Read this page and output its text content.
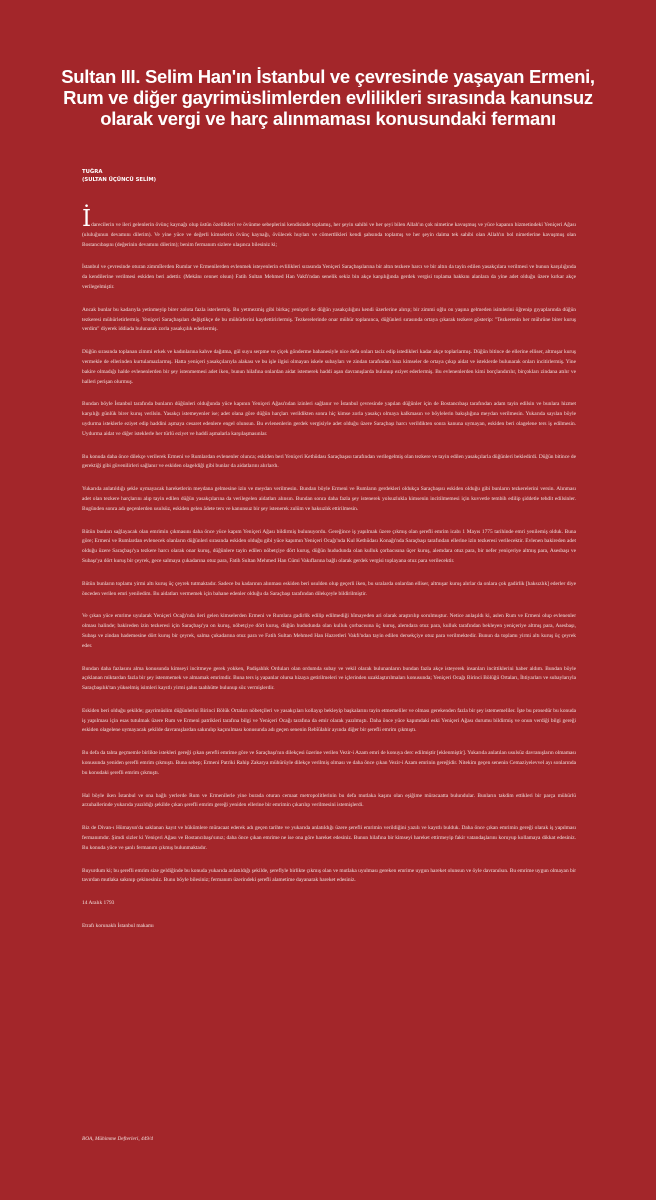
Sultan III. Selim Han'ın İstanbul ve çevresinde yaşayan Ermeni, Rum ve diğer gayrimüslimlerden evlilikleri sırasında kanunsuz olarak vergi ve harç alınmaması konusundaki fermanı
TUĞRA
(SULTAN ÜÇÜNCÜ SELİM)

İdarecilerin ve ileri gelenlerin övünç kaynağı olup üstün özellikleri ve övünme sebeplerini kendisinde toplamış, her şeyin sahibi ve her şeyi bilen Allah'ın çok nimetine kavuşmuş ve yüce kapanın hizmetindeki Yeniçeri Ağası (ululuğunun devamını dilerim). Ve yine yüce ve değerli kimselerin övünç kaynağı, övülecek huyları ve cömertlikleri kendi şahsında toplamış ve her şeyin daima tek sahibi olan Allah'ın bol nimetlerine kavuşmuş olan Bostancıbaşını (değerinin devamını dilerim); benim fermanım sizlere ulaşınca bilesiniz ki;

İstanbul ve çevresinde oturan zimmîlerden Rumlar ve Ermenilerden evlenmek isteyenlerin evlilikleri sırasında Yeniçeri Saraçbaşılarına bir altın tezkere harcı ve bir altın da tayin edilen yasakçılara verilmesi ve bunun karşılığında da kendilerine verilmesi eskiden beri adettir. (Mekânı cennet olsun) Fatih Sultan Mehmed Han Vakfı'ndan senelik sekiz bin akçe karşılığında gerdek vergisi toplama hakkını alanlara da yine adet olduğu üzere kırkar akçe verilegelmiştir.

Ancak bunlar bu kadarıyla yetinmeyip birer zolota fazla isterlermiş. Bu yetmezmiş gibi birkaç yeniçeri de düğün yasakçılığını kendi üzerlerine alırıp; bir zimmi oğlu on yaşına gelmeden isimlerini öğrenip gıyaplarında düğün tezkeresi mühürletirlermiş. Yeniçeri Saraçbaşıları değiştikçe de bu mühürlerini kaydettirirlermiş. Tezkerelerinde onar mühür toplanınca, düğünleri sırasında ortaya çıkarak tezkere gösterip: "Tezkerenin her mührüne birer kuruş verdim" diyerek iddiada bulunarak zorla yasakçılık ederlermiş.

Düğün sırasında toplanan zimmi erkek ve kadınlarına kahve dağıtma, gül suyu serpme ve çiçek gönderme bahanesiyle nice defa onları taciz edip istedikleri kadar akçe toplarlarmış. Düğün bitince de ellerine elliser, altmışar kuruş vermekle de ellerinden kurtulamazlarmış. Hatta yeniçeri yasakçılarıyla alakası ve bu işle ilgisi olmayan iskele subayları ve zindan tarafından bazı kimseler de ortaya çıkıp aidat ve isteklerde bulunarak onları incitirlermiş. Yine bakire olmadığı halde evlenenlerden bir şey istenmemesi adet iken, bunun hilafına onlardan aidat istemerek haddi aşan davranışlarda bulunup eziyet ederlermiş. Bu evlenenlerden kimi borçlandırılır, birçokları zindana atılır ve halleri perişan olurmuş.

Bundan böyle İstanbul tarafında bunların düğünleri olduğunda yüce kapının Yeniçeri Ağası'ndan izinleri sağlanır ve İstanbul çevresinde yapılan düğünler için de Bostancıbaşı tarafından adam tayin edilsin ve bunlara hizmet karşılığı günlük birer kuruş verilsin. Yasakçı istemeyenler ise; adet olana göre düğün harçları verildikten sonra hiç kimse zorla yasakçı olmaya kalkmasın ve böylelerin bakışlığına meydan verilmesin. Yukarıda sayılan böyle uydurma isteklerle eziyet edip haddini aşmaya cesaret edenlere engel olunsun. Bu evlenenlerin gerdek vergisiyle adet olduğu üzere Saraçbaşı harcı verildikten sonra kanuna uymayan, eskiden beri olagelene ters iş edilmesin. Uydurma aidat ve diğer isteklerle her türlü eziyet ve haddi aşmalarla karşılaşmasınlar.

Bu konuda daha önce dilekçe verilerek Ermeni ve Rumlardan evlenenler olunca; eskiden beri Yeniçeri Kethüdası Saraçbaşısı tarafından verilegelmiş olan tezkere ve tayin edilen yasakçılarla düğünleri bekledirdi. Düğün bitince de gerektiği gibi güvenilirleri sağlanır ve eskiden olageldiği gibi bunlar da aidatlarını alırlardı.

Yukarıda anlatıldığı şekle uymayacak hareketlerin meydana gelmesine izin ve meydan verilmesin. Bundan böyle Ermeni ve Rumların gerdekleri oldukça Saraçbaşısı eskiden olduğu gibi bunların tezkerelerini versin. Alınması adet olan tezkere harçlarını alıp tayin edilen düğün yasakçılarına da verilegelen aidatları alınsın. Bundan sonra daha fazla şey istenerek yolsuzlukla kimsenin incitilmemesi için kuvvetle tembih edilip şiddetle tehdit edilsinler. Bugünden sonra adı geçenlerden usulsüz, eskiden gelen âdete ters ve kanunsuz bir şey istenerek zulüm ve haksızlık ettirilmesin.

Bütün bunları sağlayacak olan emrimin çıkmasını daha önce yüce kapım Yeniçeri Ağası bildirmiş bulunuyordu. Gereğince iş yapılmak üzere çıkmış olan şerefli emrim icabı 1 Mayıs 1775 tarihinde emri yenilemiş olduk. Buna göre; Ermeni ve Rumlardan evlenecek olanların düğünleri sırasında eskiden olduğu gibi yüce kapımın Yeniçeri Ocağı'nda Kul Kethüdası Konağı'nda Saraçbaşı tarafından ellerine izin tezkeresi verilecektir. Evlenen bakireden adet olduğu üzere Saraçbaşı'ya tezkere harcı olarak onar kuruş, düğünlere tayin edilen nöbetçiye dört kuruş, düğün hududunda olan kulluk çorbacısına üçer kuruş, alemdara otuz para, bir nefer yeniçeriye altmış para, Asesbaşı ve Subaşı'ya dört kuruş bir çeyrek, gece salmaya çukadarına otuz para, Fatih Sultan Mehmed Han Cümi Vakıflarına bağlı olarak gerdek vergisi toplayana otuz para verilecektir.

Bütün bunların toplamı yirmi altı kuruş üç çeyrek tutmaktadır. Sadece bu kadarının alınması eskiden beri usulden olup geçerli iken, bu sıralarda onlardan elliser, altmışar kuruş alırlar da onlara çok gadirlik [haksızlık] ederler diye önceden verilen emri yeniledim. Bu aidatları vermemek için bahane edenler olduğu da Saraçbaşı tarafından dilekçeyle bildirilmiştir.

Ve çıkan yüce emrime uyularak Yeniçeri Ocağı'nda ileri gelen kimselerden Ermeni ve Rumlara gadirlik edilip edilmediği hîmayeden ari olarak araştırılıp sorulmuştur. Netice anlaşıldı ki, aslen Rum ve Ermeni olup evlenenler olması halinde; bakireden izin tezkeresi için Saraçbaşı'ya on kuruş, nöbetçiye dört kuruş, düğün hududunda olan kulluk çorbacısına üç kuruş, alemdara otuz para, kulluk tarafından bekleyen yeniçeriye altmış para, Asesbaşı, Subaşı ve zindan hademesine dört kuruş bir çeyrek, salma çukadarına otuz para ve Fatih Sultan Mehmed Han Hazretleri Vakfı'ndan tayin edilen dersekçiye otuz para verilmektedir. Bunun da toplamı yirmi altı kuruş üç çeyrek eder.

Bundan daha fazlasını alma konusunda kimseyi incitmeye gerek yokken, Padişahlık Orduları olan ordumda subay ve vekil olarak bulunanların bundan fazla akçe isteyerek insanları incittiklerini haber aldım. Bundan böyle açıklanan miktardan fazla bir şey istenmemek ve almamak emrimdir. Buna ters iş yapanlar olursa hizaya getirilmeleri ve içlerinden uzaklaştırılmaları konusunda; Yeniçeri Ocağı Birinci Bölüğü Ortaları, İhtiyarları ve subaylarıyla Saraçbaşılık'tan yükselmiş isimleri kayıtlı yirmi şahıs taahhütte bulunup söz vermişlerdir.

Eskiden beri olduğu şekilde; gayrimüslim düğünlerini Birinci Bölük Ortaları nöbetçileri ve yasakçıları kollayıp bekleyip başkalarını tayin etmemeliler ve olması gerekenden fazla bir şey istememeliler. İşte bu prosedür bu konuda iş yapılması için esas tutulmak üzere Rum ve Ermeni patrikleri tarafına bilgi ve Yeniçeri Ocağı tarafına da emir olarak yazılmıştı. Daha önce yüce kapımdaki eski Yeniçeri Ağası durumu bildirmiş ve onun verdiği bilgi gereği eskiden olagelene uymayacak şekilde davranışlardan sakınılıp kaçınılması konusunda adı geçen senenin Rebîülahir ayında diğer bir şerefli emrim çıkmıştı.

Bu defa da tahta geçmemle birlikte istekleri gereği çıkan şerefli emrime göre ve Saraçbaşı'nın dilekçesi üzerine verilen Vezir-i Azam emri de konuya derc edilmiştir [eklenmiştir]. Yukarıda anlatılan usulsüz davranışların olmaması konusunda yeniden şerefli emrim çıkmıştı. Buna sebep; Ermeni Patriki Rahip Zakarya mühürüyle dilekçe verilmiş olması ve daha önce çıkan Vezir-i Azam emrinin gereğidir. Nitekim geçen senenin Cemaziyelevvel ayı sonlarında bu konudaki şerefli emrim çıkmıştı.

Hal böyle iken İstanbul ve ona bağlı yerlerde Rum ve Ermenilerle yine burada oturan cemaat metropolitlerinin bu defa mutlaka kaşını olan eşiğime müracaatta bulundular. Bunların takdim ettikleri bir parça mühürlü arzuhallerinde yukarıda yazıldığı şekilde çıkan şerefli emrim gereği yeniden ellerine bir emrimin çıkarılıp verilmesini istemişlerdi.

Biz de Divan-ı Hümayun'da saklanan kayıt ve hükümlere müracaat ederek adı geçen tarihte ve yukarıda anlatıldığı üzere şerefli emrimin verildiğini yazılı ve kayıtlı bulduk. Daha önce çıkan emrimin gereği olarak iş yapılması fermanımdır. Şimdi sizler ki Yeniçeri Ağası ve Bostancıbaşı'sınız; daha önce çıkan emrime ne ise ona göre hareket edesiniz. Bunun hilafına bir kimseyi hareket ettirmeyip fakir vatandaşlarını koruyup kollamaya dikkat edesiniz. Bu konuda yüce ve şanlı fermanım çıkmış bulunmaktadır.

Buyurdum ki; bu şerefli emrim size geldiğinde bu konuda yukarıda anlatıldığı şekilde, şereflyle birlikte çıkmış olan ve mutlaka uyulması gereken emrime uygun hareket olunsun ve öyle davranılsın. Bu emrime uygun olmayan bir tavırdan mutlaka sakınıp çekinesiniz. Bunu böyle bilesiniz; fermanım üzerindeki şerefli alametime dayanarak hareket edesiniz.

14 Aralık 1793

Etrafı korunaklı İstanbul makamı

BOA, Mühimme Defterleri, 449/4
